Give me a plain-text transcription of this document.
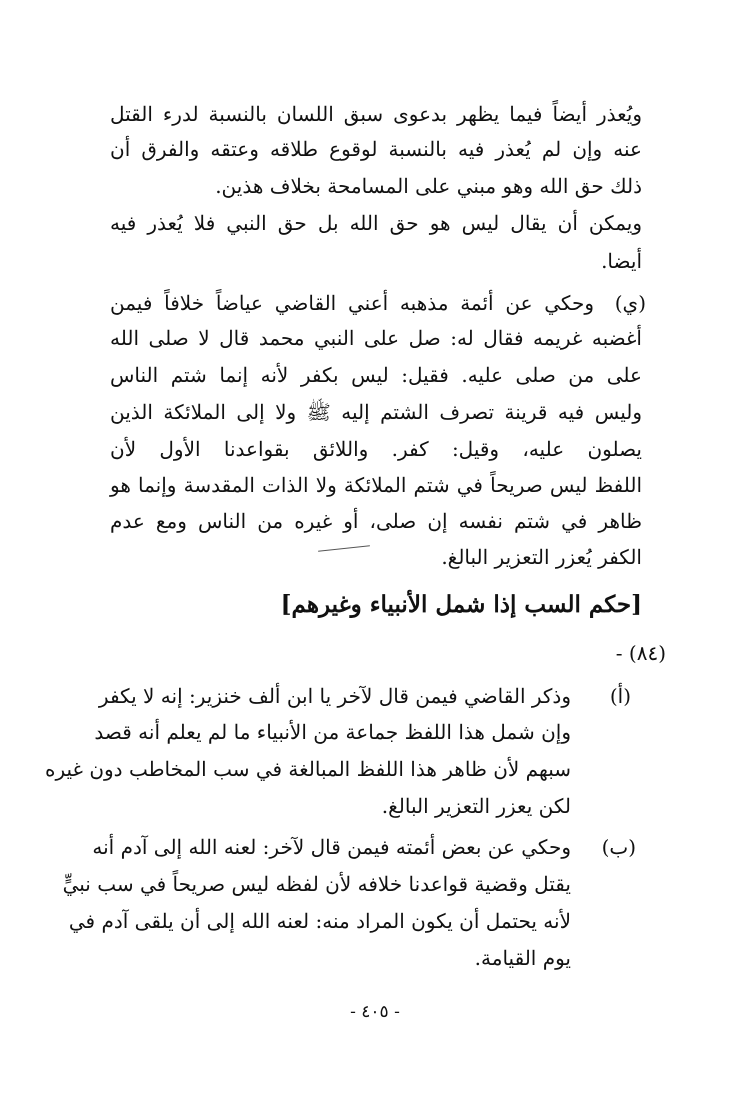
ويُعذر أيضاً فيما يظهر بدعوى سبق اللسان بالنسبة لدرء القتل
عنه وإن لم يُعذر فيه بالنسبة لوقوع طلاقه وعتقه والفرق أن
ذلك حق الله وهو مبني على المسامحة بخلاف هذين.
ويمكن أن يقال ليس هو حق الله بل حق النبي فلا يُعذر فيه
أيضا.
(ي)
وحكي عن أئمة مذهبه أعني القاضي عياضاً خلافاً فيمن
أغضبه غريمه فقال له: صل على النبي محمد قال لا صلى الله
على من صلى عليه. فقيل: ليس بكفر لأنه إنما شتم الناس
وليس فيه قرينة تصرف الشتم إليه ﷺ ولا إلى الملائكة الذين
يصلون عليه، وقيل: كفر. واللائق بقواعدنا الأول لأن
اللفظ ليس صريحاً في شتم الملائكة ولا الذات المقدسة وإنما هو
ظاهر في شتم نفسه إن صلى، أو غيره من الناس ومع عدم
الكفر يُعزر التعزير البالغ.
[حكم السب إذا شمل الأنبياء وغيرهم]
(٨٤) -
(أ)
وذكر القاضي فيمن قال لآخر يا ابن ألف خنزير: إنه لا يكفر
وإن شمل هذا اللفظ جماعة من الأنبياء ما لم يعلم أنه قصد
سبهم لأن ظاهر هذا اللفظ المبالغة في سب المخاطب دون غيره
لكن يعزر التعزير البالغ.
(ب)
وحكي عن بعض أئمته فيمن قال لآخر: لعنه الله إلى آدم أنه
يقتل وقضية قواعدنا خلافه لأن لفظه ليس صريحاً في سب نبيٍّ
لأنه يحتمل أن يكون المراد منه: لعنه الله إلى أن يلقى آدم في
يوم القيامة.
- ٤٠٥ -
